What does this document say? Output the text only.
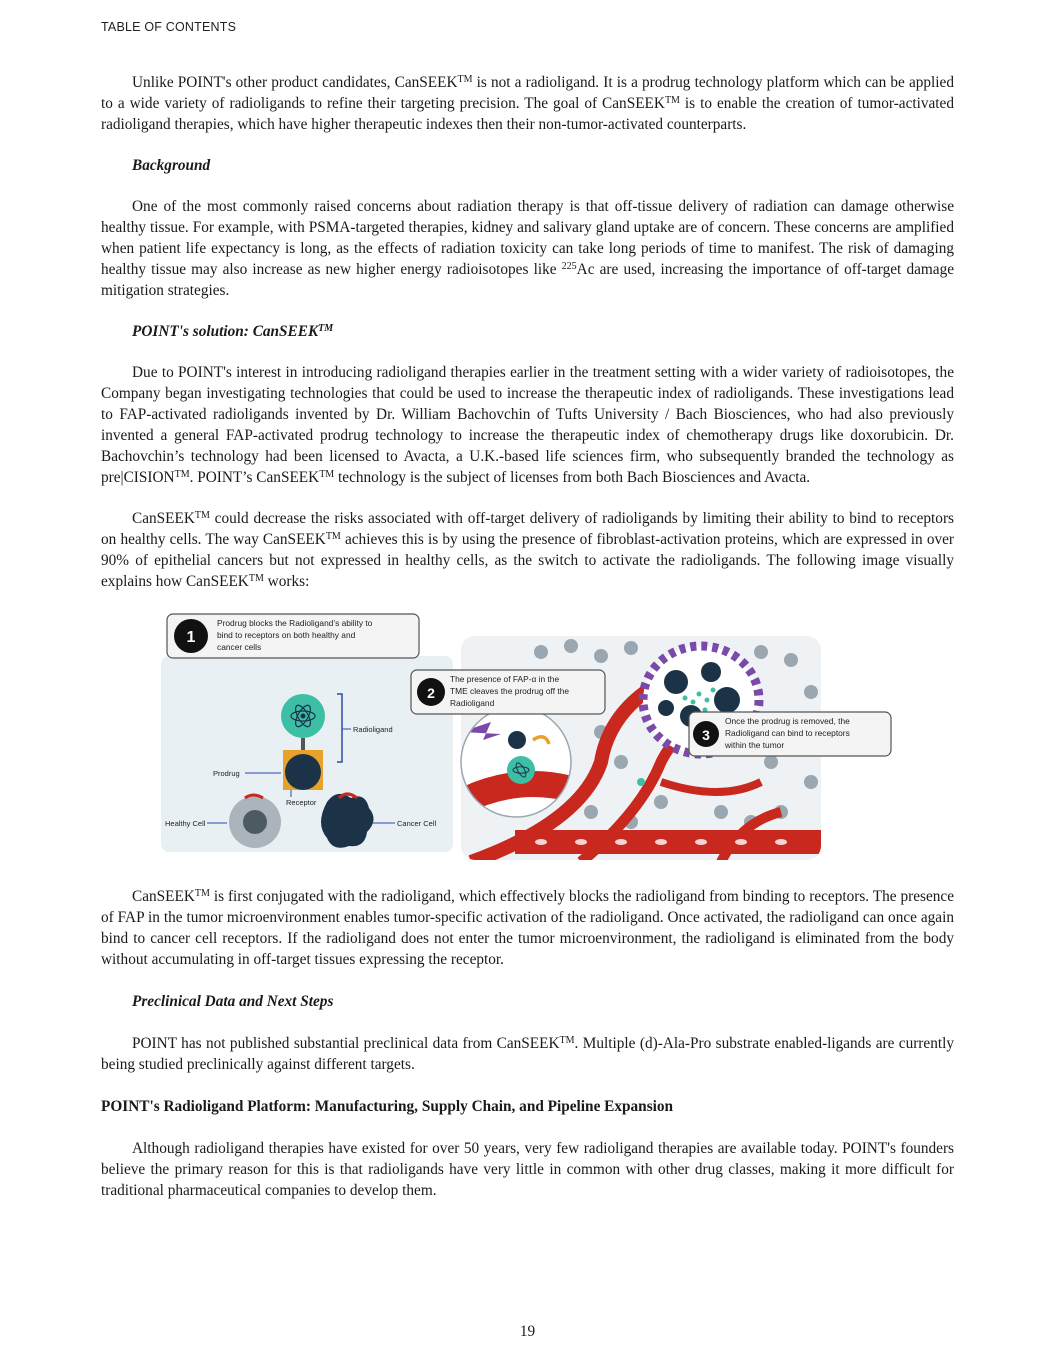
TABLE OF CONTENTS

Unlike POINT's other product candidates, CanSEEK™ is not a radioligand. It is a prodrug technology platform which can be applied to a wide variety of radioligands to refine their targeting precision. The goal of CanSEEK™ is to enable the creation of tumor-activated radioligand therapies, which have higher therapeutic indexes then their non-tumor-activated counterparts.

Background

One of the most commonly raised concerns about radiation therapy is that off-tissue delivery of radiation can damage otherwise healthy tissue. For example, with PSMA-targeted therapies, kidney and salivary gland uptake are of concern. These concerns are amplified when patient life expectancy is long, as the effects of radiation toxicity can take long periods of time to manifest. The risk of damaging healthy tissue may also increase as new higher energy radioisotopes like $^{225}$Ac are used, increasing the importance of off-target damage mitigation strategies.

POINT's solution: CanSEEK™

Due to POINT's interest in introducing radioligand therapies earlier in the treatment setting with a wider variety of radioisotopes, the Company began investigating technologies that could be used to increase the therapeutic index of radioligands. These investigations lead to FAP-activated radioligands invented by Dr. William Bachovchin of Tufts University / Bach Biosciences, who had also previously invented a general FAP-activated prodrug technology to increase the therapeutic index of chemotherapy drugs like doxorubicin. Dr. Bachovchin’s technology had been licensed to Avacta, a U.K.-based life sciences firm, who subsequently branded the technology as pre|CISION™. POINT’s CanSEEK™ technology is the subject of licenses from both Bach Biosciences and Avacta.

CanSEEK™ could decrease the risks associated with off-target delivery of radioligands by limiting their ability to bind to receptors on healthy cells. The way CanSEEK™ achieves this is by using the presence of fibroblast-activation proteins, which are expressed in over 90% of epithelial cancers but not expressed in healthy cells, as the switch to activate the radioligands. The following image visually explains how CanSEEK™ works:

Radioligand
Prodrug
Receptor
Healthy Cell	Cancer Cell
1
Prodrug blocks the Radioligand’s ability to
bind to receptors on both healthy and
cancer cells
2
The presence of FAP-α in the
TME cleaves the prodrug off the
Radioligand
3
Once the prodrug is removed, the
Radioligand can bind to receptors
within the tumor

CanSEEK™ is first conjugated with the radioligand, which effectively blocks the radioligand from binding to receptors. The presence of FAP in the tumor microenvironment enables tumor-specific activation of the radioligand. Once activated, the radioligand can once again bind to cancer cell receptors. If the radioligand does not enter the tumor microenvironment, the radioligand is eliminated from the body without accumulating in off-target tissues expressing the receptor.

Preclinical Data and Next Steps

POINT has not published substantial preclinical data from CanSEEK™. Multiple (d)-Ala-Pro substrate enabled-ligands are currently being studied preclinically against different targets.

POINT's Radioligand Platform: Manufacturing, Supply Chain, and Pipeline Expansion

Although radioligand therapies have existed for over 50 years, very few radioligand therapies are available today. POINT's founders believe the primary reason for this is that radioligands have very little in common with other drug classes, making it more difficult for traditional pharmaceutical companies to develop them.

19
